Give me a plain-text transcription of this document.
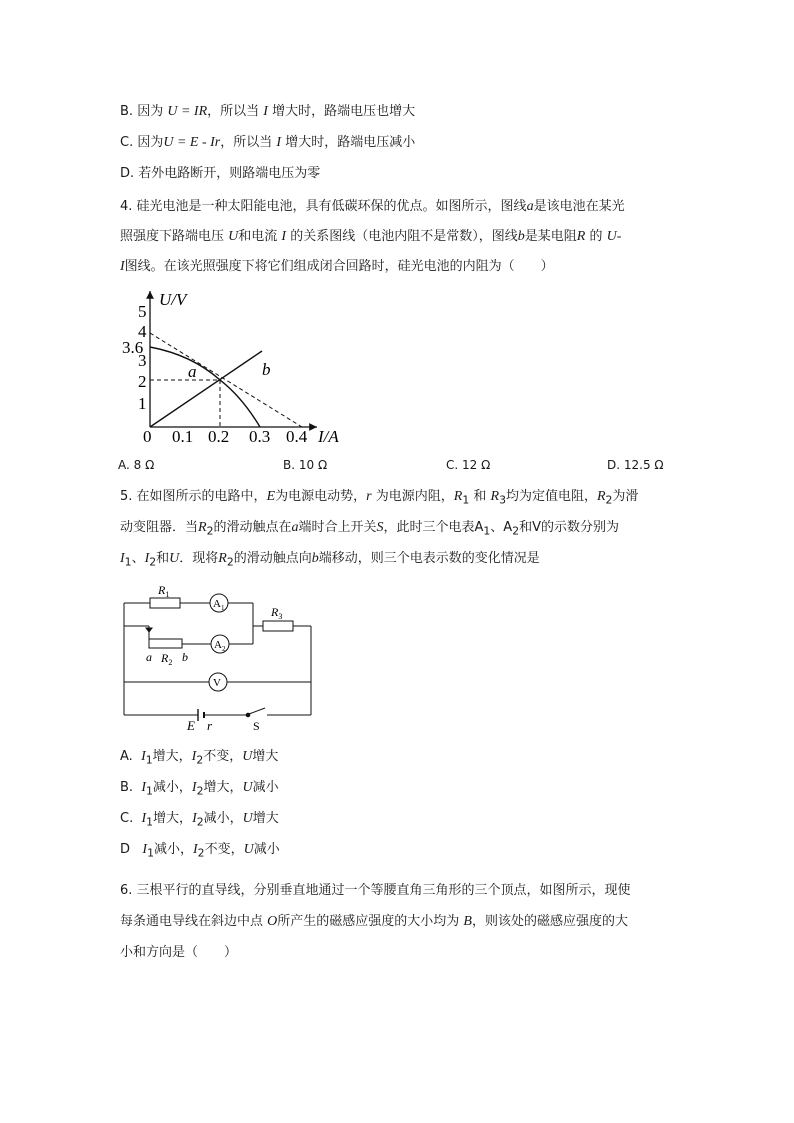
B. 因为 U = IR，所以当 I 增大时，路端电压也增大
C. 因为U = E - Ir，所以当 I 增大时，路端电压减小
D. 若外电路断开，则路端电压为零
4. 硅光电池是一种太阳能电池，具有低碳环保的优点。如图所示，图线a是该电池在某光
照强度下路端电压 U和电流 I 的关系图线（电池内阻不是常数），图线b是某电阻R 的 U-
I图线。在该光照强度下将它们组成闭合回路时，硅光电池的内阻为（　　）
U/V
I/A
1
2
3
3.6
4
5
0 0.1 0.2 0.3 0.4
a	b
A. 8 Ω	B. 10 Ω	C. 12 Ω	D. 12.5 Ω
5. 在如图所示的电路中，E为电源电动势，r 为电源内阻，$R_1$ 和 $R_3$均为定值电阻，$R_2$为滑
动变阻器．当$R_2$的滑动触点在a端时合上开关S，此时三个电表$A_1$、$A_2$和V的示数分别为
$I_1$、$I_2$和U．现将$R_2$的滑动触点向b端移动，则三个电表示数的变化情况是
$R_1$
$A_1$	$R_3$
$A_2$
a $R_2$ b
V
E r	S
A. $I_1$增大，$I_2$不变，U增大
B. $I_1$减小，$I_2$增大，U减小
C. $I_1$增大，$I_2$减小，U增大
D $I_1$减小，$I_2$不变，U减小
6. 三根平行的直导线，分别垂直地通过一个等腰直角三角形的三个顶点，如图所示，现使
每条通电导线在斜边中点 O所产生的磁感应强度的大小均为 B，则该处的磁感应强度的大
小和方向是（　　）
